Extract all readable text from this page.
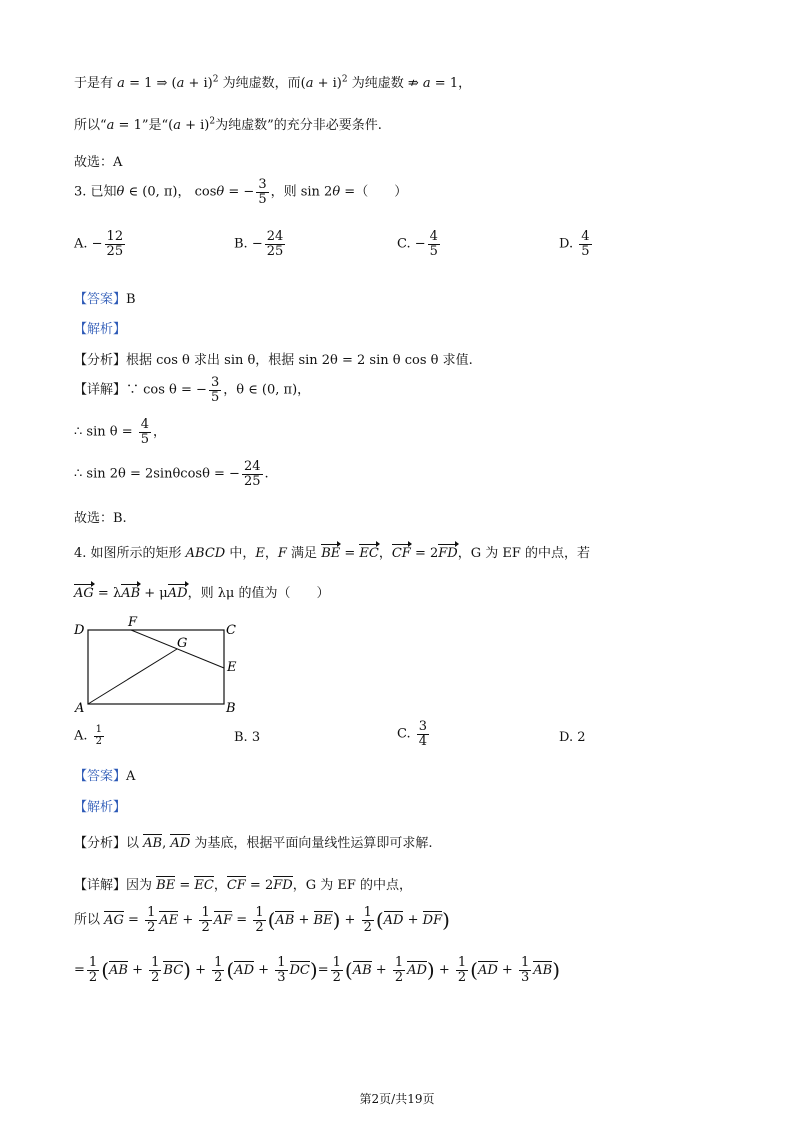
于是有 a = 1 ⇒ $(a + i)^2$ 为纯虚数，而$(a + i)^2$ 为纯虚数 ⇏ a = 1，
所以“a = 1”是“$(a + i)^2$为纯虚数”的充分非必要条件.
故选：A
3. 已知θ ∈ (0, π)， cosθ = − $\frac{3}{5}$ ，则 sin 2θ =（　　）
A. − $\frac{12}{25}$	B. − $\frac{24}{25}$	C. − $\frac{4}{5}$	D. $\frac{4}{5}$
【答案】B
【解析】
【分析】根据 cos θ 求出 sin θ，根据 sin 2θ = 2 sin θ cos θ 求值.
【详解】∵ cos θ = − $\frac{3}{5}$ ，θ ∈ (0, π)，
∴ $\sin \theta = \frac{4}{5}$ ，
∴ sin 2θ = 2sinθcosθ = − $\frac{24}{25}$ .
故选：B.
4. 如图所示的矩形 ABCD 中，E，F 满足 BE = EC，CF = 2FD，G 为 EF 的中点，若
AG = λAB + μAD，则 λμ 的值为（　　）
D
F
C
G
E
A	B
A. $\frac{1}{2}$	B. 3	C. $\frac{3}{4}$	D. 2
【答案】A
【解析】
【分析】以 AB, AD 为基底，根据平面向量线性运算即可求解.
【详解】因为 BE = EC，CF = 2FD，G 为 EF 的中点，
所以 AG = $\frac{1}{2}$ AE + $\frac{1}{2}$ AF = $\frac{1}{2} (AB + BE) + \frac{1}{2} (AD + DF)$
= $\frac{1}{2} (AB + \frac{1}{2} BC) + \frac{1}{2} (AD + \frac{1}{3} DC)= \frac{1}{2} (AB + \frac{1}{2} AD) + \frac{1}{2} (AD + \frac{1}{3} AB)$
第2页/共19页
